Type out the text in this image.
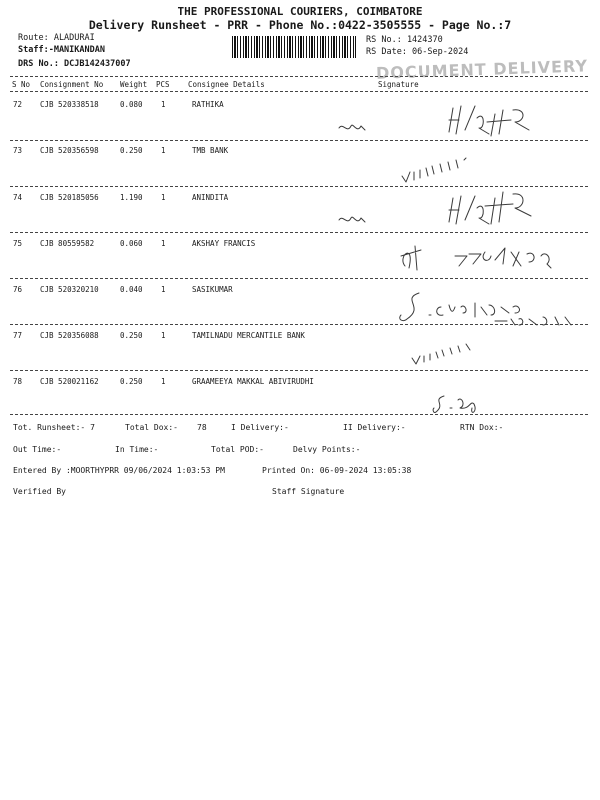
THE PROFESSIONAL COURIERS, COIMBATORE
Delivery Runsheet - PRR - Phone No.:0422-3505555 - Page No.:7
Route: ALADURAI
Staff:-MANIKANDAN
DRS No.: DCJB142437007
RS No.: 1424370
RS Date: 06-Sep-2024
DOCUMENT DELIVERY
S No Consignment No Weight PCS Consignee Details	Signature
72 CJB 520338518	0.080 1	RATHIKA
73 CJB 520356598	0.250 1	TMB BANK
74 CJB 520185056	1.190 1	ANINDITA
75 CJB 80559582	0.060 1	AKSHAY FRANCIS
76 CJB 520320210	0.040 1	SASIKUMAR
77 CJB 520356088	0.250 1	TAMILNADU MERCANTILE BANK
78 CJB 520021162	0.250 1	GRAAMEEYA MAKKAL ABIVIRUDHI
Tot. Runsheet:- 7	Total Dox:- 78	I Delivery:-	II Delivery:-	RTN Dox:-
Out Time:-	In Time:-	Total POD:-	Delvy Points:-
Entered By :MOORTHYPRR 09/06/2024 1:03:53 PM	Printed On: 06-09-2024 13:05:38
Verified By	Staff Signature
